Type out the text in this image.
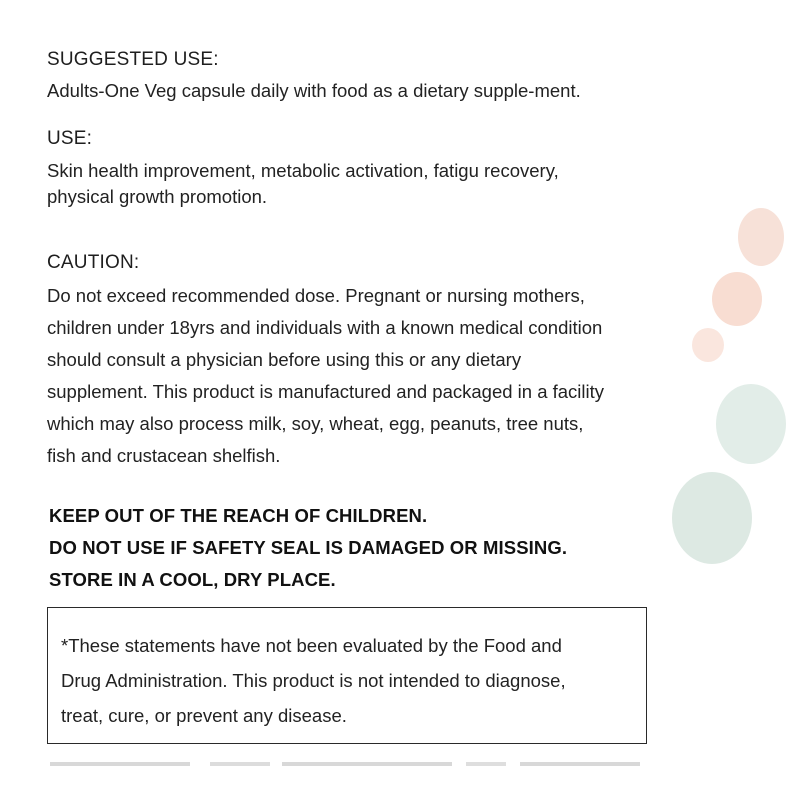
SUGGESTED USE:

Adults-One Veg capsule daily with food as a dietary supple-ment.

USE:

Skin health improvement, metabolic activation, fatigu recovery,
physical growth promotion.

CAUTION:

Do not exceed recommended dose. Pregnant or nursing mothers,
children under 18yrs and individuals with a known medical condition
should consult a physician before using this or any dietary
supplement. This product is manufactured and packaged in a facility
which may also process milk, soy, wheat, egg, peanuts, tree nuts,
fish and crustacean shelfish.

KEEP OUT OF THE REACH OF CHILDREN.
DO NOT USE IF SAFETY SEAL IS DAMAGED OR MISSING.
STORE IN A COOL, DRY PLACE.
*These statements have not been evaluated by the Food and
Drug Administration. This product is not intended to diagnose,
treat, cure, or prevent any disease.
